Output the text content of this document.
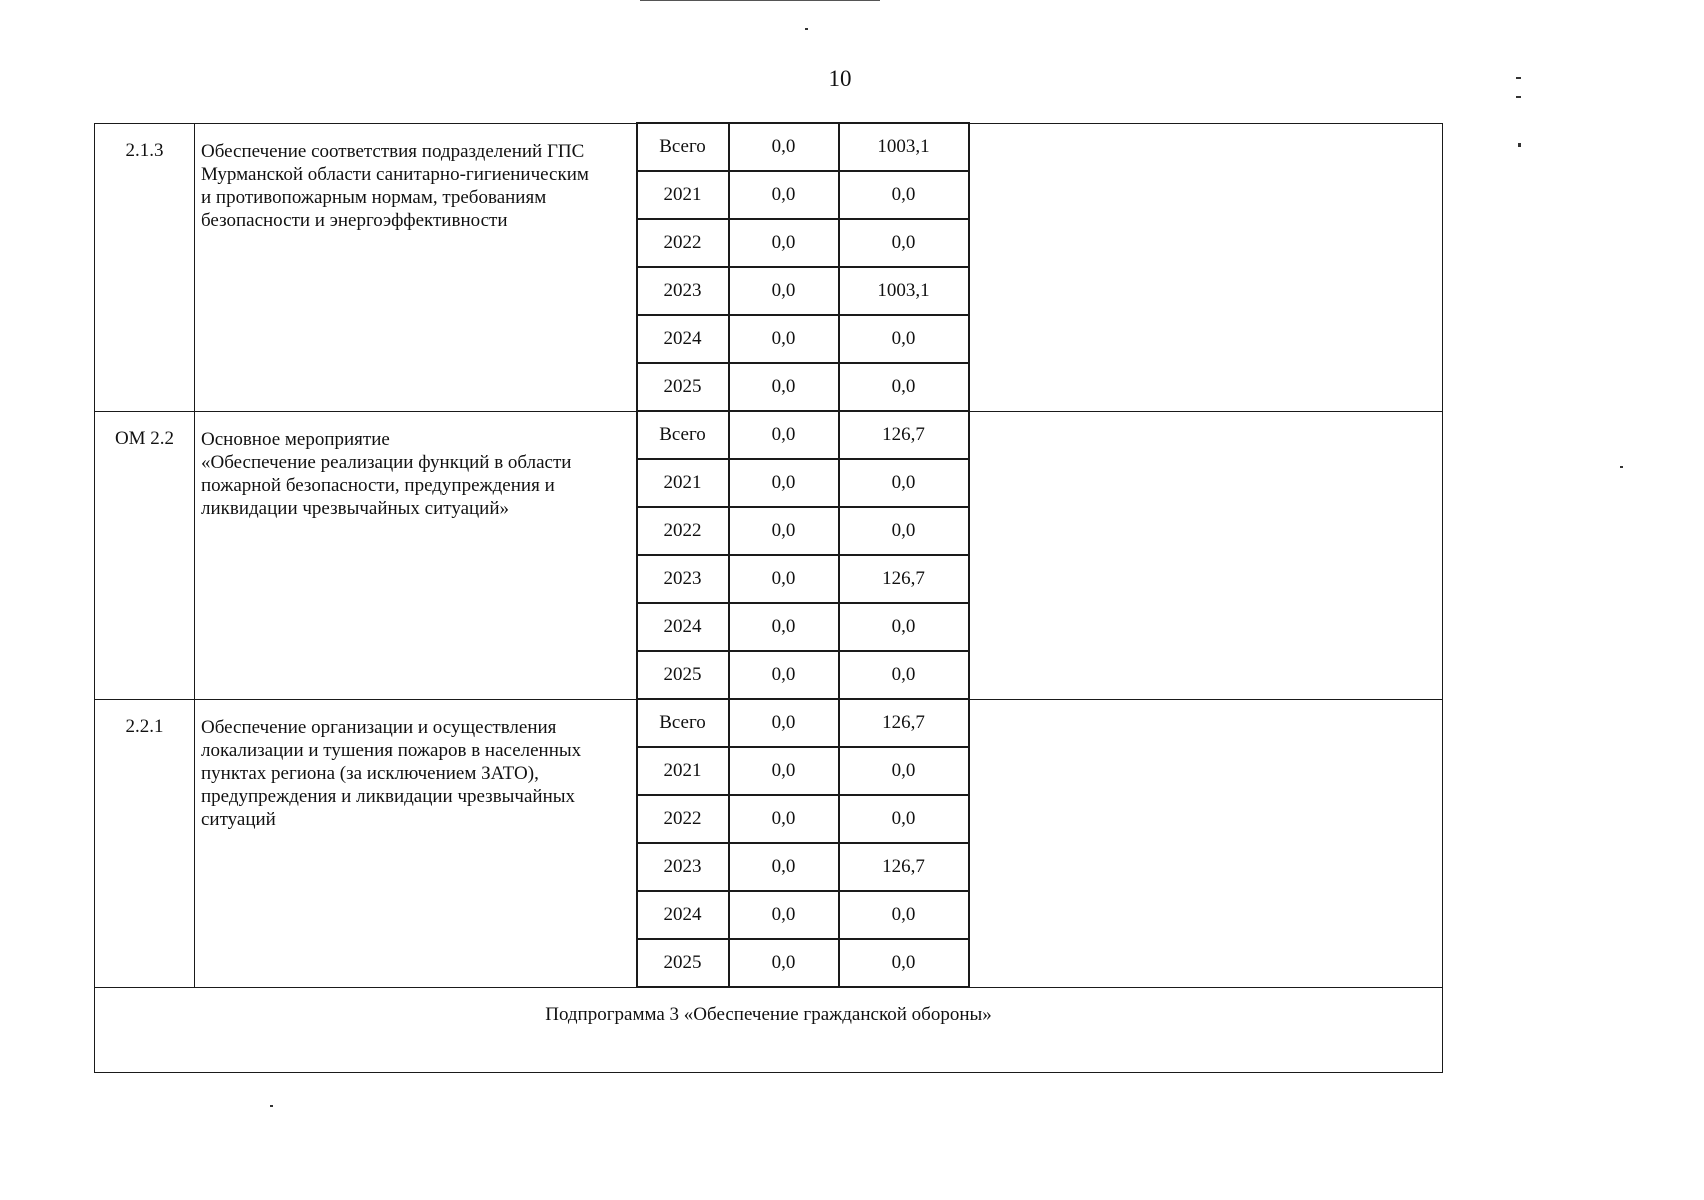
10
2.1.3	Обеспечение соответствия подразделений ГПС
Мурманской области санитарно-гигиеническим
и противопожарным нормам, требованиям
безопасности и энергоэффективности	Всего	0,0	1003,1	
		2021	0,0	0,0	
		2022	0,0	0,0	
		2023	0,0	1003,1	
		2024	0,0	0,0	
		2025	0,0	0,0	
ОМ 2.2	Основное мероприятие
«Обеспечение реализации функций в области
пожарной безопасности, предупреждения и
ликвидации чрезвычайных ситуаций»	Всего	0,0	126,7	
		2021	0,0	0,0	
		2022	0,0	0,0	
		2023	0,0	126,7	
		2024	0,0	0,0	
		2025	0,0	0,0	
2.2.1	Обеспечение организации и осуществления
локализации и тушения пожаров в населенных
пунктах региона (за исключением ЗАТО),
предупреждения и ликвидации чрезвычайных
ситуаций	Всего	0,0	126,7	
		2021	0,0	0,0	
		2022	0,0	0,0	
		2023	0,0	126,7	
		2024	0,0	0,0	
		2025	0,0	0,0	
Подпрограмма 3 «Обеспечение гражданской обороны»					
